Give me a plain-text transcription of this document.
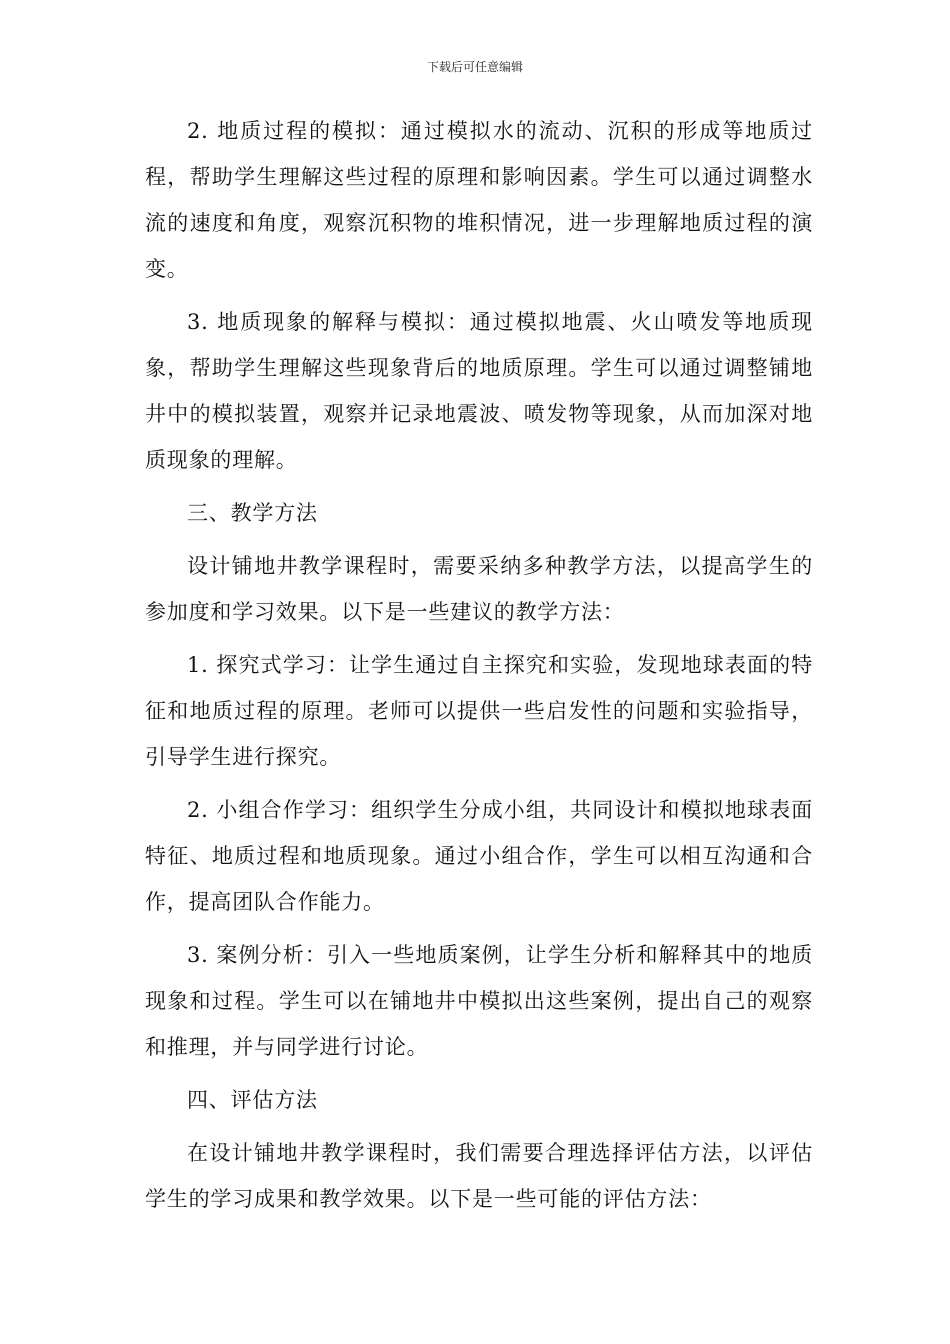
下载后可任意编辑

2. 地质过程的模拟：通过模拟水的流动、沉积的形成等地质过程，帮助学生理解这些过程的原理和影响因素。学生可以通过调整水流的速度和角度，观察沉积物的堆积情况，进一步理解地质过程的演变。

3. 地质现象的解释与模拟：通过模拟地震、火山喷发等地质现象，帮助学生理解这些现象背后的地质原理。学生可以通过调整铺地井中的模拟装置，观察并记录地震波、喷发物等现象，从而加深对地质现象的理解。

三、教学方法

设计铺地井教学课程时，需要采纳多种教学方法，以提高学生的参加度和学习效果。以下是一些建议的教学方法：

1. 探究式学习：让学生通过自主探究和实验，发现地球表面的特征和地质过程的原理。老师可以提供一些启发性的问题和实验指导，引导学生进行探究。

2. 小组合作学习：组织学生分成小组，共同设计和模拟地球表面特征、地质过程和地质现象。通过小组合作，学生可以相互沟通和合作，提高团队合作能力。

3. 案例分析：引入一些地质案例，让学生分析和解释其中的地质现象和过程。学生可以在铺地井中模拟出这些案例，提出自己的观察和推理，并与同学进行讨论。

四、评估方法

在设计铺地井教学课程时，我们需要合理选择评估方法，以评估学生的学习成果和教学效果。以下是一些可能的评估方法：
